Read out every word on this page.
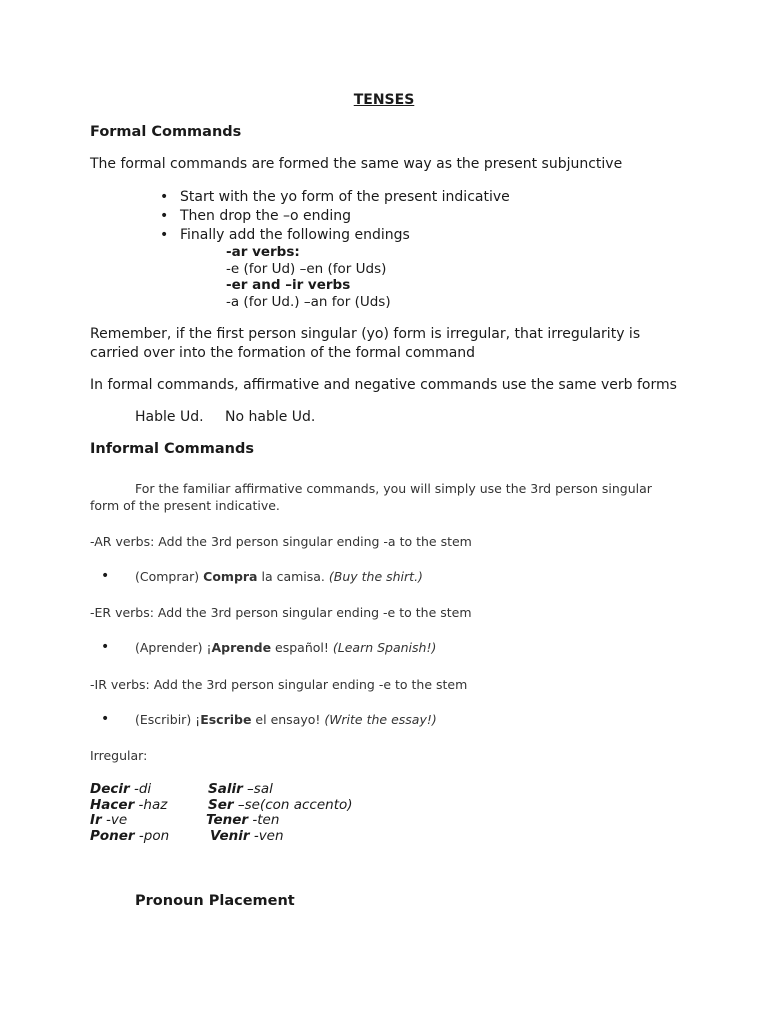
TENSES
Formal Commands
The formal commands are formed the same way as the present subjunctive
• Start with the yo form of the present indicative
• Then drop the –o ending
• Finally add the following endings
-ar verbs:
-e (for Ud) –en (for Uds)
-er and –ir verbs
-a (for Ud.) –an for (Uds)
Remember, if the first person singular (yo) form is irregular, that irregularity is
carried over into the formation of the formal command
In formal commands, affirmative and negative commands use the same verb forms
Hable Ud. No hable Ud.
Informal Commands
For the familiar affirmative commands, you will simply use the 3rd person singular
form of the present indicative.
-AR verbs: Add the 3rd person singular ending -a to the stem
• (Comprar) Compra la camisa. (Buy the shirt.)
-ER verbs: Add the 3rd person singular ending -e to the stem
• (Aprender) ¡Aprende español! (Learn Spanish!)
-IR verbs: Add the 3rd person singular ending -e to the stem
• (Escribir) ¡Escribe el ensayo! (Write the essay!)
Irregular:
Decir -di
Hacer -haz
Ir -ve
Poner -pon
Salir –sal
Ser –se(con accento)
Tener -ten
Venir -ven
Pronoun Placement
